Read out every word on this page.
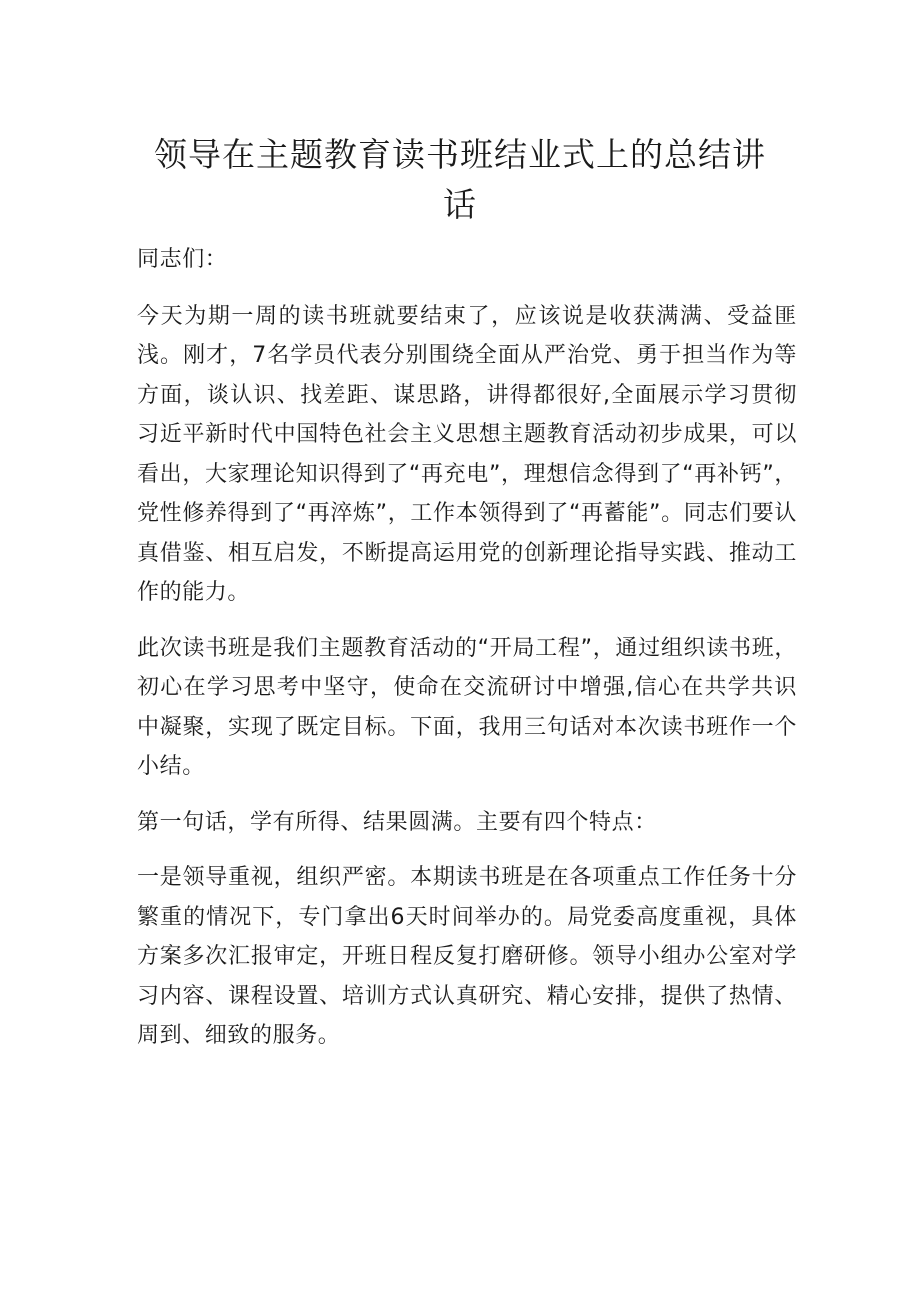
领导在主题教育读书班结业式上的总结讲
话

同志们：

今天为期一周的读书班就要结束了，应该说是收获满满、受益匪浅。刚才，7名学员代表分别围绕全面从严治党、勇于担当作为等方面，谈认识、找差距、谋思路，讲得都很好,全面展示学习贯彻习近平新时代中国特色社会主义思想主题教育活动初步成果，可以看出，大家理论知识得到了“再充电”，理想信念得到了“再补钙”，党性修养得到了“再淬炼”，工作本领得到了“再蓄能”。同志们要认真借鉴、相互启发，不断提高运用党的创新理论指导实践、推动工作的能力。

此次读书班是我们主题教育活动的“开局工程”，通过组织读书班，初心在学习思考中坚守，使命在交流研讨中增强,信心在共学共识中凝聚，实现了既定目标。下面，我用三句话对本次读书班作一个小结。

第一句话，学有所得、结果圆满。主要有四个特点：

一是领导重视，组织严密。本期读书班是在各项重点工作任务十分繁重的情况下，专门拿出6天时间举办的。局党委高度重视，具体方案多次汇报审定，开班日程反复打磨研修。领导小组办公室对学习内容、课程设置、培训方式认真研究、精心安排，提供了热情、周到、细致的服务。
